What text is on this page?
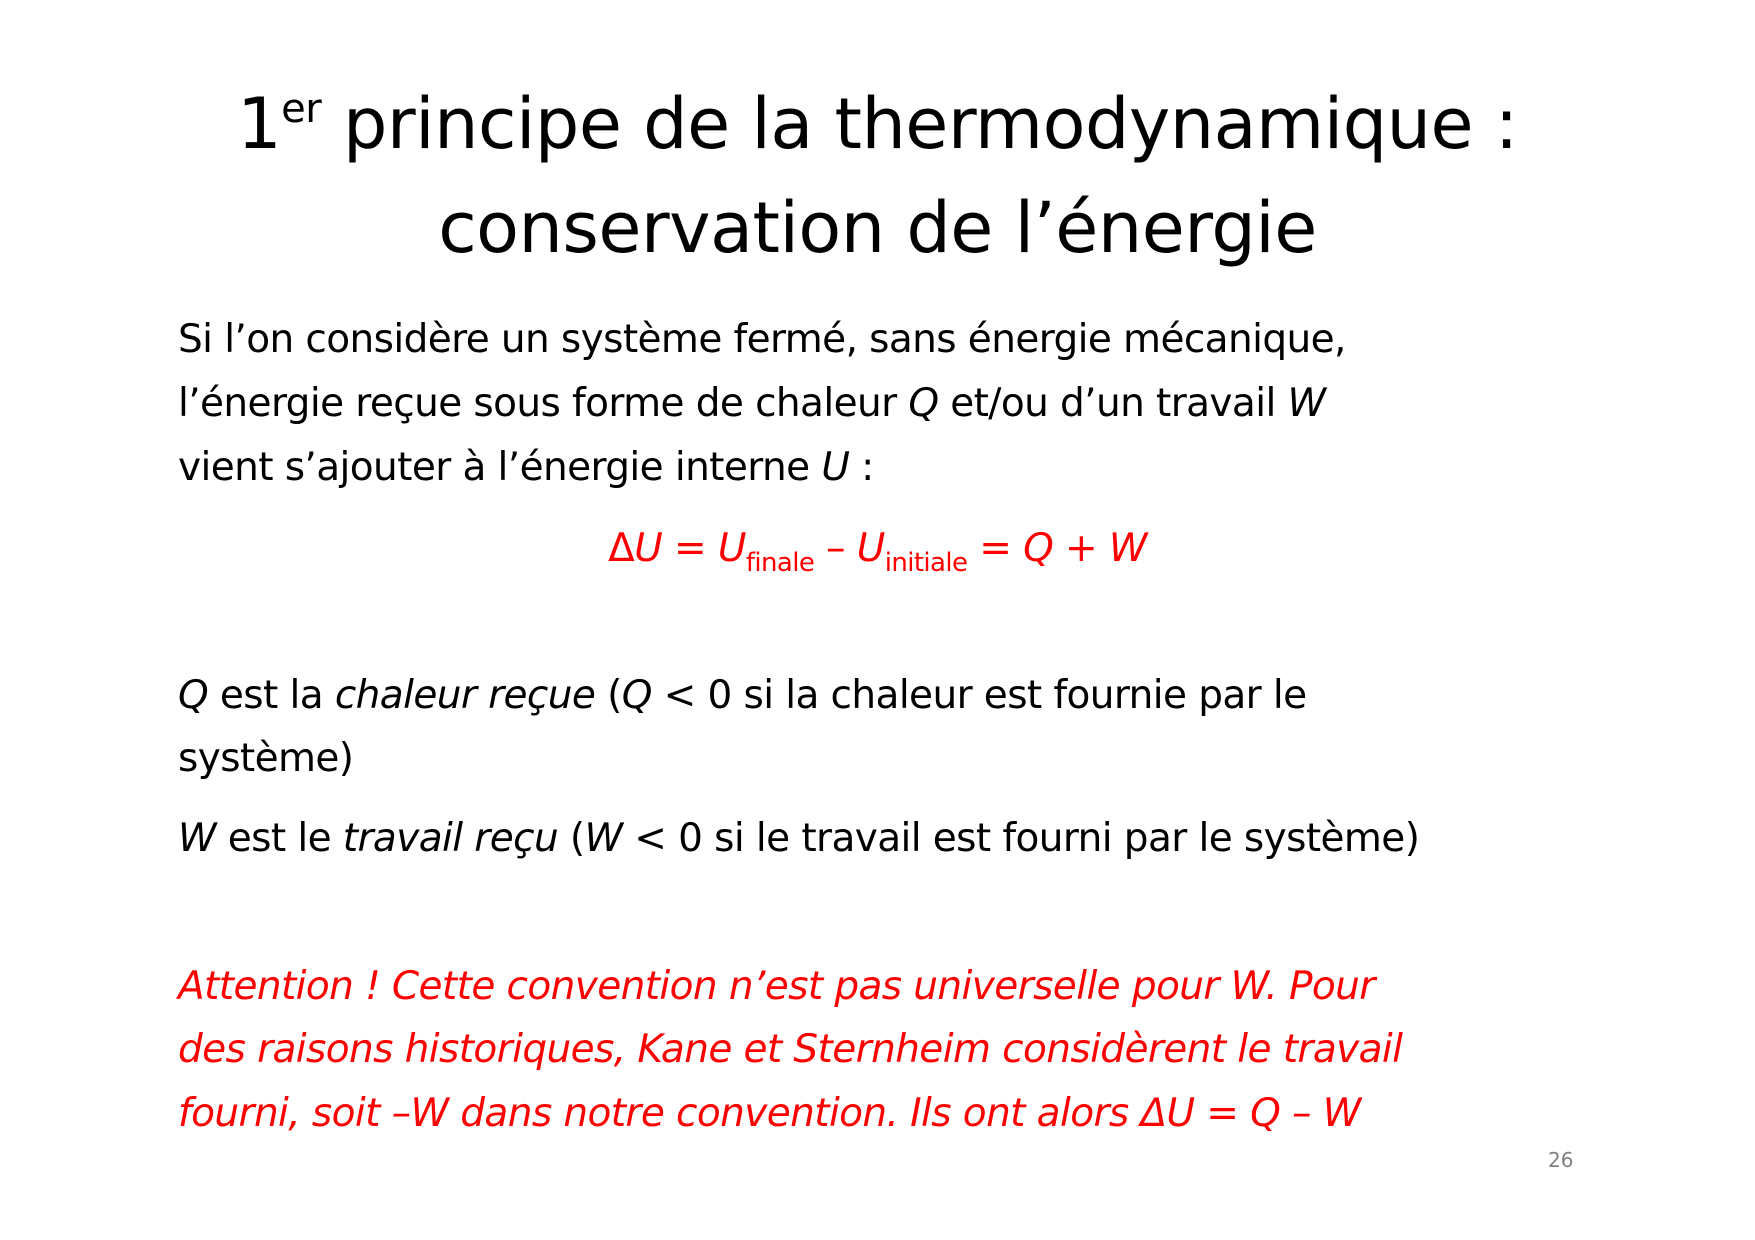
1er principe de la thermodynamique :
conservation de l’énergie
Si l’on considère un système fermé, sans énergie mécanique,
l’énergie reçue sous forme de chaleur Q et/ou d’un travail W
vient s’ajouter à l’énergie interne U :
$\Delta U = U_{finale} - U_{initiale} = Q + W$
Q est la chaleur reçue (Q < 0 si la chaleur est fournie par le
système)
W est le travail reçu (W < 0 si le travail est fourni par le système)
Attention ! Cette convention n’est pas universelle pour W. Pour
des raisons historiques, Kane et Sternheim considèrent le travail
fourni, soit –W dans notre convention. Ils ont alors ΔU = Q – W
26
